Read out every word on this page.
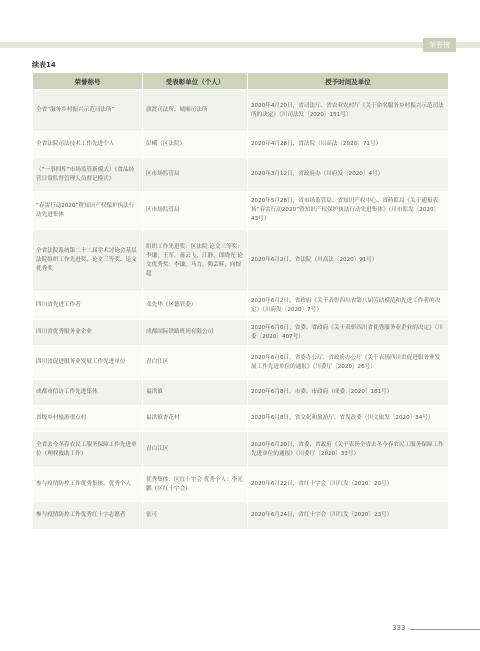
荣誉榜
续表14
荣誉称号	受表彰单位（个人）	授予时间及单位
全省“服务乡村振兴示范司法所”	旗渡司法所、城厢司法所	2020年4月20日，省司法厅、省农业农村厅《关于命名服务乡村振兴示范司法所的决定》（川司法发〔2020〕151号）
全省法院司法技术工作先进个人	彭峨（区法院）	2020年4月28日，省法院（川高法〔2020〕71号）
（“一事四库”市场监管新模式）《食品经营日常监督管理人员督记模式》	区市场监管局	2020年3月12日，省政府办（川府发〔2020〕4号）
“春雷行动2020”暨知识产权保护执法行动先进集体	区市场监管局	2020年5月28日，省市场监管局、省知识产权中心、省药监局《关于通报表扬“春雷行动2020”暨知识产权保护执法行动先进集体》（川市监发〔2020〕43号）
全省法院系统第二十二届学术讨论会基层法院组织工作先进奖、论文三等奖、论文优秀奖	组织工作先进奖：区法院 论文三等奖：李谦，王军，蒋云飞，江静，郎晓光 论文优秀奖：李谦，马力，陶芸辉，向煜超	2020年6月2日，省法院（川高法〔2020〕91号）
四川省先进工作者	邓先华（区德管委）	2020年6月2日，省政府《关于表彰四川省第八届劳动模范和先进工作者的决定》（川府发〔2020〕7号）
四川省优秀服务业企业	成都国际铁路班列有限公司	2020年6月6日，省委、省政府《关于表彰四川省优秀服务业企业的决定》（川委〔2020〕407号）
四川省促进服务业发展工作先进单位	青白江区	2020年6月6日，省委办公厅、省政府办公厅《关于表扬四川省促进服务业发展工作先进单位的通报》（川委厅〔2020〕26号）
成都市信访工作先进集体	福洪镇	2020年6月8日，市委、市政府（成委〔2020〕181号）
省级乡村旅游重点村	福洪镇杏花村	2020年6月8日，省文化和旅游厅、省发改委（川文旅发〔2020〕34号）
全省去今冬春农民工服务保障工作先进单位（理权救助工作）	青白江区	2020年6月20日，省委、省政府《关于表扬全省去冬今春农民工服务保障工作先进单位的通报》（川委厅〔2020〕33号）
参与疫情防控工作优秀集体、优秀个人	优秀集体：区红十字会 优秀个人：李光鹏（区红十字会）	2020年6月22日，省红十字会（川红发〔2020〕20号）
参与疫情防控工作优秀红十字志愿者	张可	2020年6月24日，省红十字会（川红发〔2020〕23号）
333
